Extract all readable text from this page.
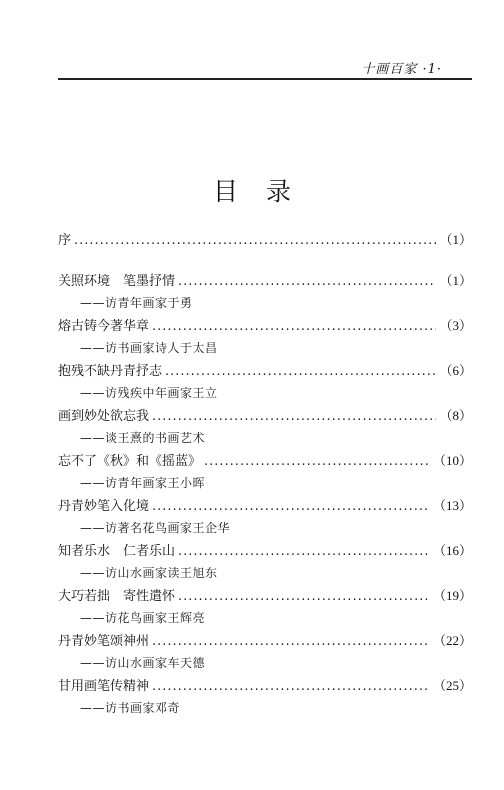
十画百家 ·1·
目录
序 .....	（1）
关照环境　笔墨抒情 .....	（1）
——访青年画家于勇
熔古铸今著华章 .....	（3）
——访书画家诗人于太昌
抱残不缺丹青抒志 .....	（6）
——访残疾中年画家王立
画到妙处欲忘我 .....	（8）
——谈王熹的书画艺术
忘不了《秋》和《摇蓝》 .....	（10）
——访青年画家王小晖
丹青妙笔入化境 .....	（13）
——访著名花鸟画家王企华
知者乐水　仁者乐山 .....	（16）
——访山水画家读王旭东
大巧若拙　寄性遣怀 .....	（19）
——访花鸟画家王辉亮
丹青妙笔颂神州 .....	（22）
——访山水画家车天德
甘用画笔传精神 .....	（25）
——访书画家邓奇
